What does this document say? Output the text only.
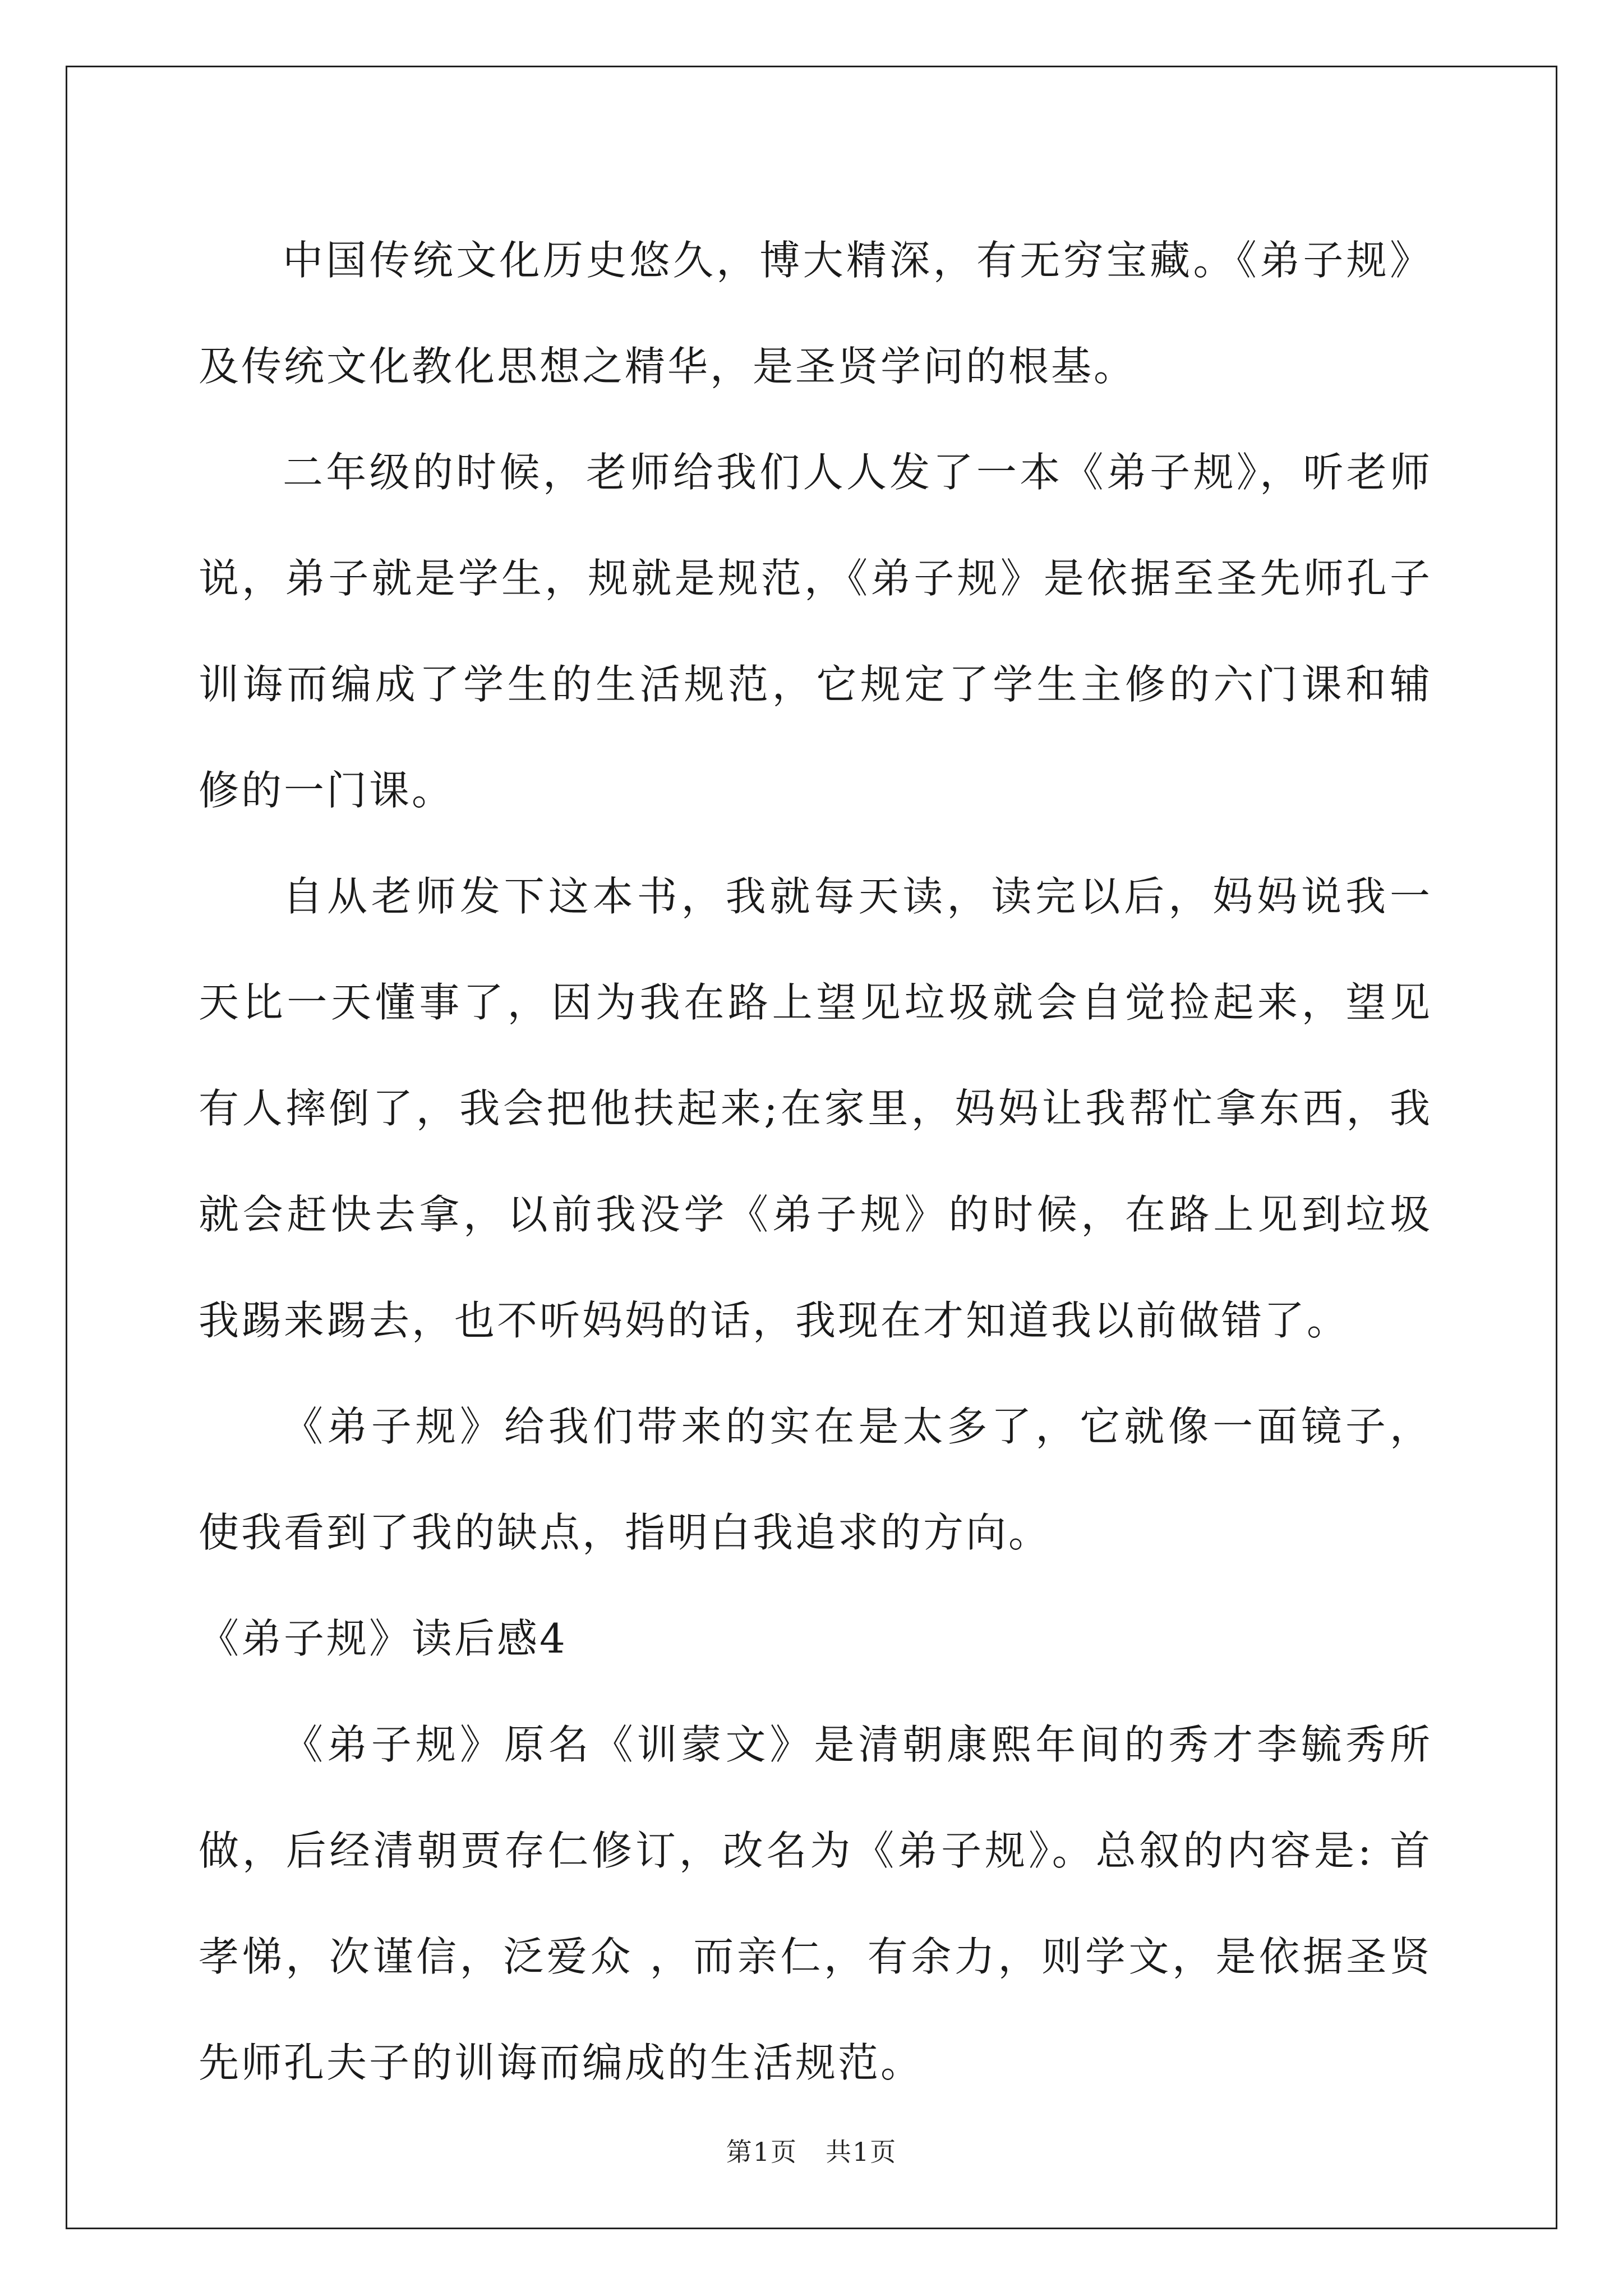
中国传统文化历史悠久，博大精深，有无穷宝藏。《弟子规》及传统文化教化思想之精华，是圣贤学问的根基。

二年级的时候，老师给我们人人发了一本《弟子规》，听老师说，弟子就是学生，规就是规范，《弟子规》是依据至圣先师孔子训诲而编成了学生的生活规范，它规定了学生主修的六门课和辅修的一门课。

自从老师发下这本书，我就每天读，读完以后，妈妈说我一天比一天懂事了，因为我在路上望见垃圾就会自觉捡起来，望见有人摔倒了，我会把他扶起来;在家里，妈妈让我帮忙拿东西，我就会赶快去拿，以前我没学《弟子规》的时候，在路上见到垃圾我踢来踢去，也不听妈妈的话，我现在才知道我以前做错了。

《弟子规》给我们带来的实在是太多了，它就像一面镜子，使我看到了我的缺点，指明白我追求的方向。

《弟子规》读后感4

《弟子规》原名《训蒙文》是清朝康熙年间的秀才李毓秀所做，后经清朝贾存仁修订，改名为《弟子规》。总叙的内容是: 首孝悌，次谨信，泛爱众 ，而亲仁，有余力，则学文，是依据圣贤先师孔夫子的训诲而编成的生活规范。

第1页 共1页
